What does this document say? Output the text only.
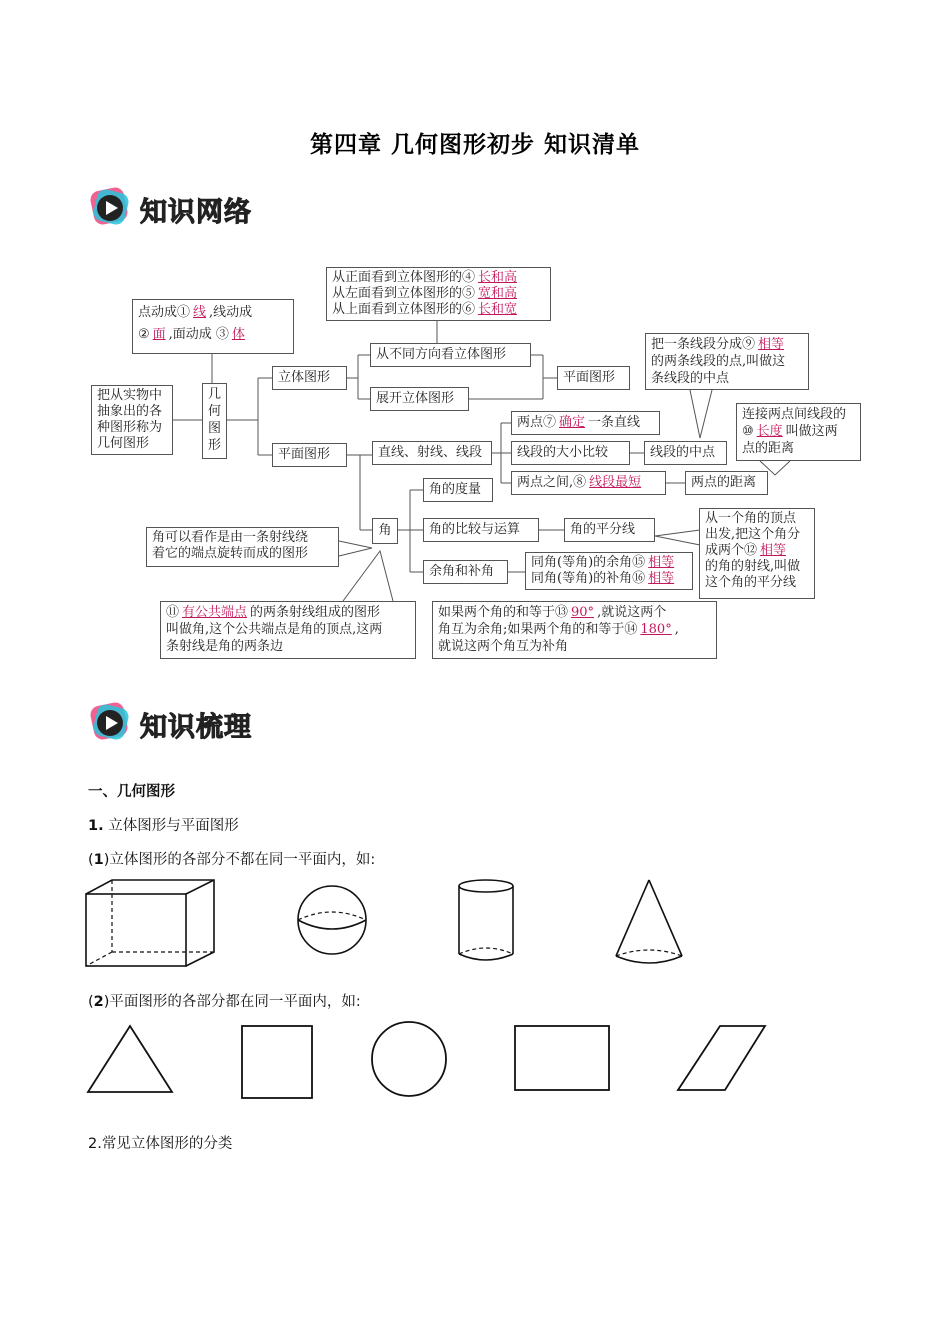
第四章 几何图形初步 知识清单
知识网络
把从实物中
抽象出的各
种图形称为
几何图形
几
何
图
形
点动成① 线 ,线动成
② 面 ,面动成 ③ 体
从正面看到立体图形的④ 长和高
从左面看到立体图形的⑤ 宽和高
从上面看到立体图形的⑥ 长和宽
立体图形
平面图形
从不同方向看立体图形
展开立体图形
平面图形
直线、射线、线段
两点⑦ 确定 一条直线
线段的大小比较	线段的中点
两点之间,⑧ 线段最短	两点的距离
把一条线段分成⑨ 相等
的两条线段的点,叫做这
条线段的中点
连接两点间线段的
⑩ 长度 叫做这两
点的距离
角
角的度量
角的比较与运算	角的平分线
余角和补角
同角(等角)的余角⑮ 相等
同角(等角)的补角⑯ 相等
从一个角的顶点
出发,把这个角分
成两个⑫ 相等
的角的射线,叫做
这个角的平分线
角可以看作是由一条射线绕
着它的端点旋转而成的图形
⑪ 有公共端点 的两条射线组成的图形
叫做角,这个公共端点是角的顶点,这两
条射线是角的两条边
如果两个角的和等于⑬ 90° ,就说这两个
角互为余角;如果两个角的和等于⑭ 180° ,
就说这两个角互为补角
知识梳理
一、几何图形
1. 立体图形与平面图形
(1)立体图形的各部分不都在同一平面内，如:
(2)平面图形的各部分都在同一平面内，如:
2.常见立体图形的分类
